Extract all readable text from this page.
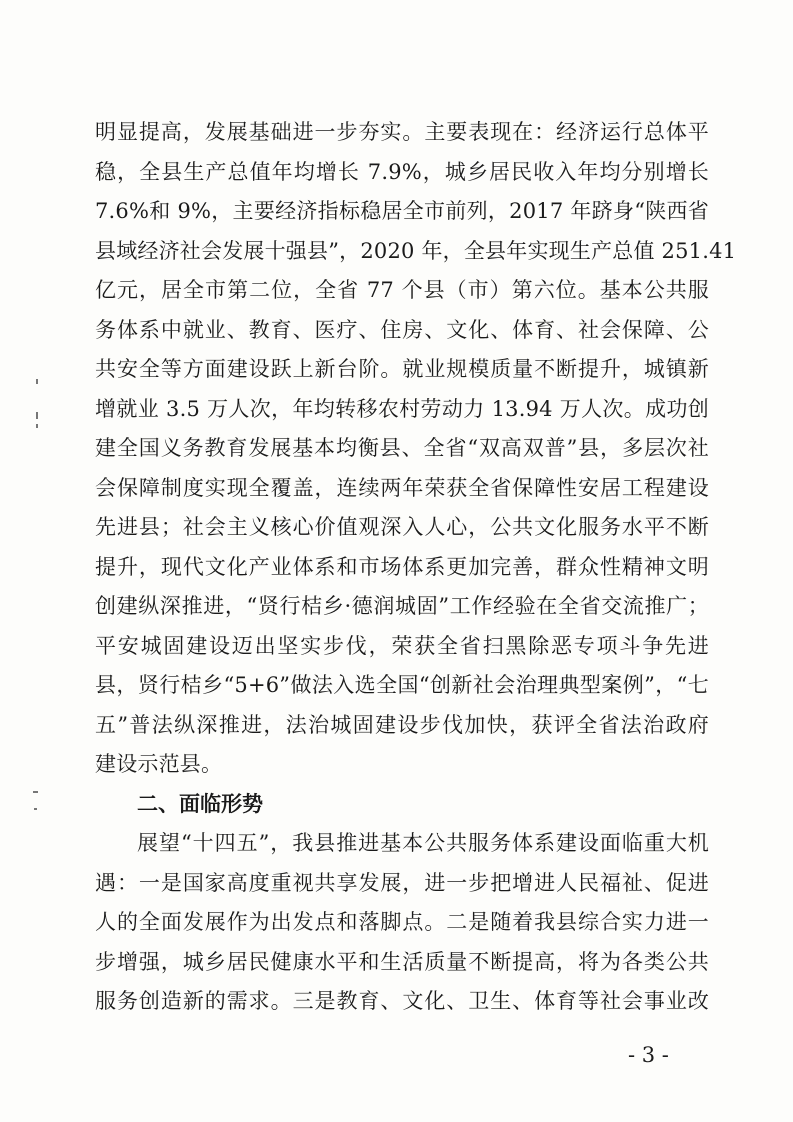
明显提高，发展基础进一步夯实。主要表现在：经济运行总体平
稳，全县生产总值年均增长 7.9%，城乡居民收入年均分别增长
7.6%和 9%，主要经济指标稳居全市前列，2017 年跻身“陕西省
县域经济社会发展十强县”，2020 年，全县年实现生产总值 251.41
亿元，居全市第二位，全省 77 个县（市）第六位。基本公共服
务体系中就业、教育、医疗、住房、文化、体育、社会保障、公
共安全等方面建设跃上新台阶。就业规模质量不断提升，城镇新
增就业 3.5 万人次，年均转移农村劳动力 13.94 万人次。成功创
建全国义务教育发展基本均衡县、全省“双高双普”县，多层次社
会保障制度实现全覆盖，连续两年荣获全省保障性安居工程建设
先进县；社会主义核心价值观深入人心，公共文化服务水平不断
提升，现代文化产业体系和市场体系更加完善，群众性精神文明
创建纵深推进，“贤行桔乡·德润城固”工作经验在全省交流推广；
平安城固建设迈出坚实步伐，荣获全省扫黑除恶专项斗争先进
县，贤行桔乡“5+6”做法入选全国“创新社会治理典型案例”，“七
五”普法纵深推进，法治城固建设步伐加快，获评全省法治政府
建设示范县。
二、面临形势
展望“十四五”，我县推进基本公共服务体系建设面临重大机
遇：一是国家高度重视共享发展，进一步把增进人民福祉、促进
人的全面发展作为出发点和落脚点。二是随着我县综合实力进一
步增强，城乡居民健康水平和生活质量不断提高，将为各类公共
服务创造新的需求。三是教育、文化、卫生、体育等社会事业改
- 3 -
